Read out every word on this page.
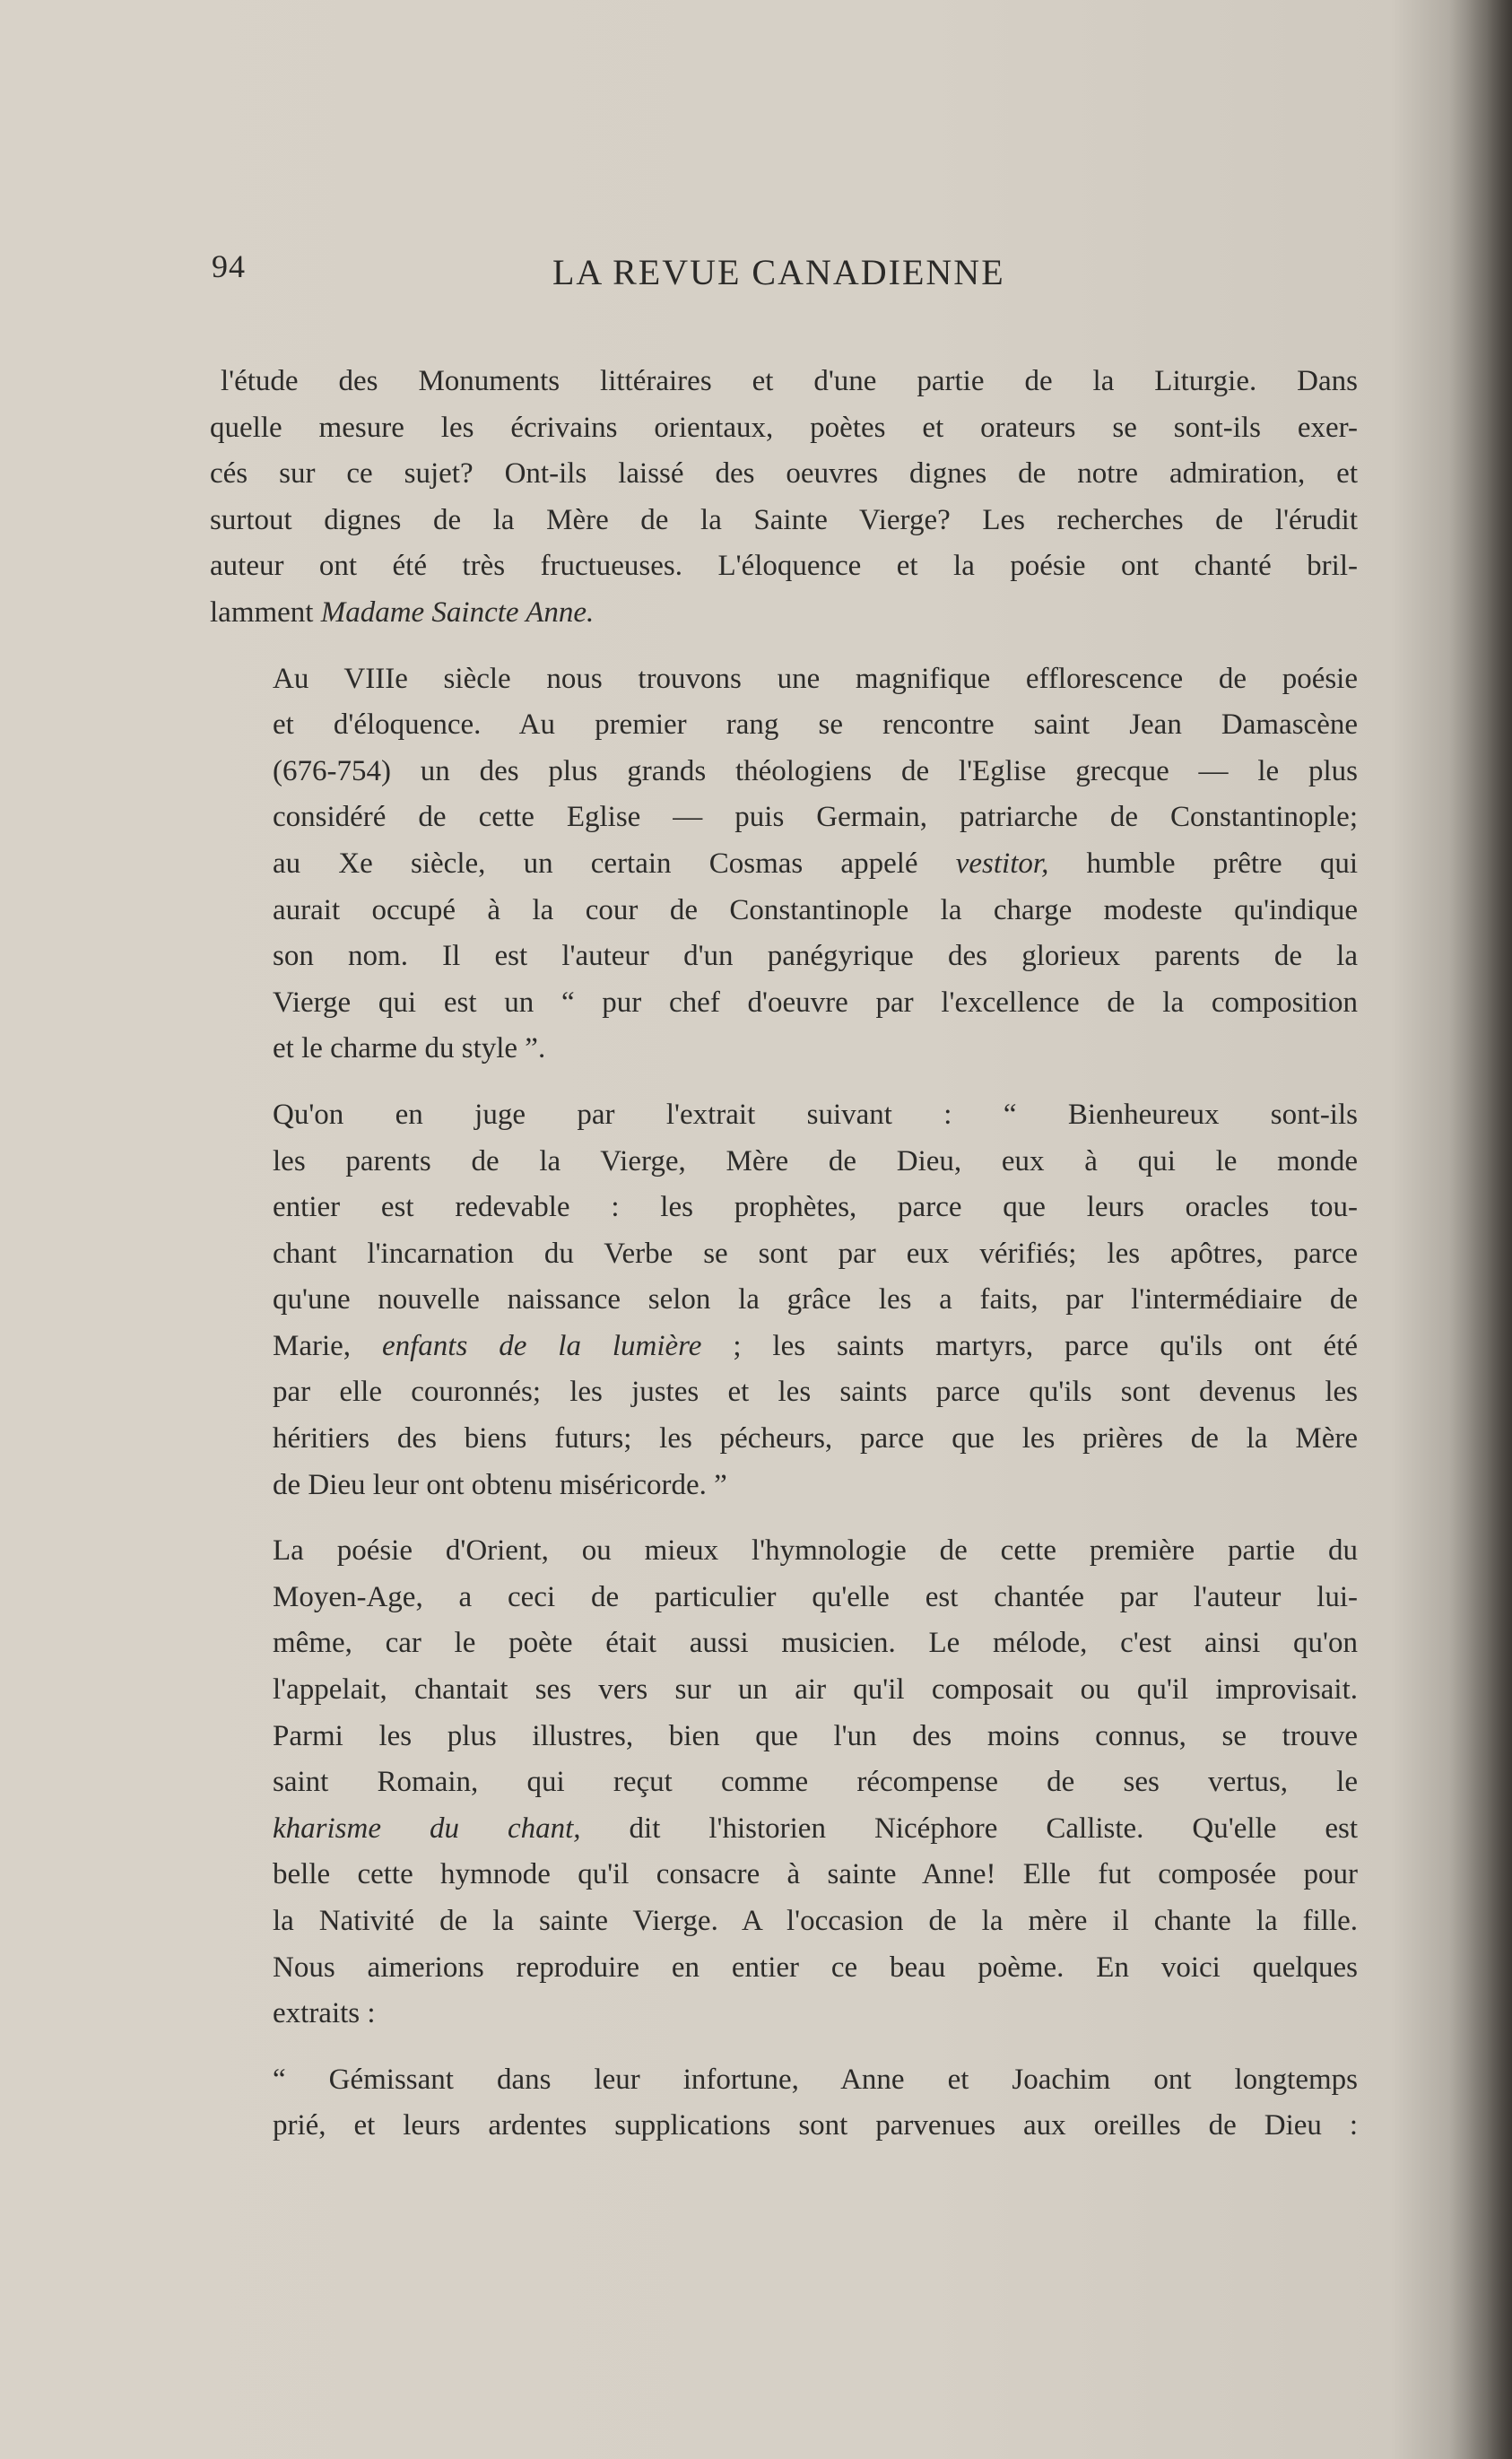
94	LA REVUE CANADIENNE

l'étude des Monuments littéraires et d'une partie de la Liturgie. Dans
quelle mesure les écrivains orientaux, poètes et orateurs se sont-ils exer-
cés sur ce sujet? Ont-ils laissé des oeuvres dignes de notre admiration, et
surtout dignes de la Mère de la Sainte Vierge? Les recherches de l'érudit
auteur ont été très fructueuses. L'éloquence et la poésie ont chanté bril-
lamment Madame Saincte Anne.

Au VIIIe siècle nous trouvons une magnifique efflorescence de poésie
et d'éloquence. Au premier rang se rencontre saint Jean Damascène
(676-754) un des plus grands théologiens de l'Eglise grecque — le plus
considéré de cette Eglise — puis Germain, patriarche de Constantinople;
au Xe siècle, un certain Cosmas appelé vestitor, humble prêtre qui
aurait occupé à la cour de Constantinople la charge modeste qu'indique
son nom. Il est l'auteur d'un panégyrique des glorieux parents de la
Vierge qui est un “ pur chef d'oeuvre par l'excellence de la composition
et le charme du style ”.

Qu'on en juge par l'extrait suivant : “ Bienheureux sont-ils
les parents de la Vierge, Mère de Dieu, eux à qui le monde
entier est redevable : les prophètes, parce que leurs oracles tou-
chant l'incarnation du Verbe se sont par eux vérifiés; les apôtres, parce
qu'une nouvelle naissance selon la grâce les a faits, par l'intermédiaire de
Marie, enfants de la lumière ; les saints martyrs, parce qu'ils ont été
par elle couronnés; les justes et les saints parce qu'ils sont devenus les
héritiers des biens futurs; les pécheurs, parce que les prières de la Mère
de Dieu leur ont obtenu miséricorde. ”

La poésie d'Orient, ou mieux l'hymnologie de cette première partie du
Moyen-Age, a ceci de particulier qu'elle est chantée par l'auteur lui-
même, car le poète était aussi musicien. Le mélode, c'est ainsi qu'on
l'appelait, chantait ses vers sur un air qu'il composait ou qu'il improvisait.
Parmi les plus illustres, bien que l'un des moins connus, se trouve
saint Romain, qui reçut comme récompense de ses vertus, le
kharisme du chant, dit l'historien Nicéphore Calliste. Qu'elle est
belle cette hymnode qu'il consacre à sainte Anne! Elle fut composée pour
la Nativité de la sainte Vierge. A l'occasion de la mère il chante la fille.
Nous aimerions reproduire en entier ce beau poème. En voici quelques
extraits :

“ Gémissant dans leur infortune, Anne et Joachim ont longtemps
prié, et leurs ardentes supplications sont parvenues aux oreilles de Dieu :
